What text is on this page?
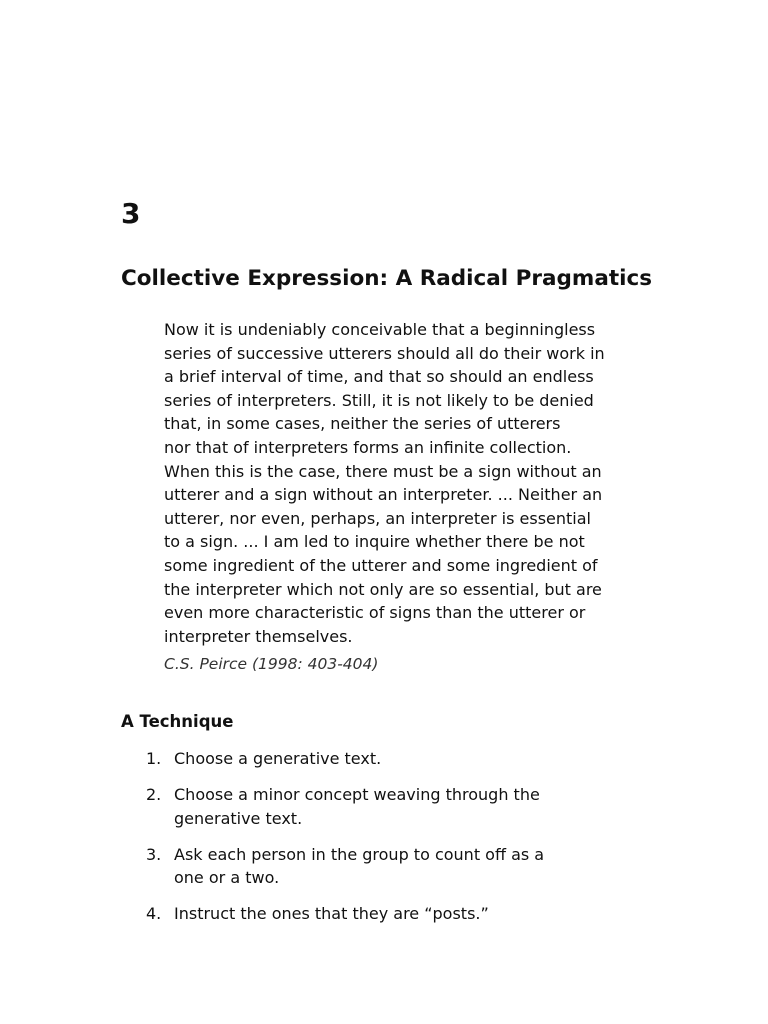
3
Collective Expression: A Radical Pragmatics
Now it is undeniably conceivable that a beginningless
series of successive utterers should all do their work in
a brief interval of time, and that so should an endless
series of interpreters. Still, it is not likely to be denied
that, in some cases, neither the series of utterers
nor that of interpreters forms an infinite collection.
When this is the case, there must be a sign without an
utterer and a sign without an interpreter. ... Neither an
utterer, nor even, perhaps, an interpreter is essential
to a sign. ... I am led to inquire whether there be not
some ingredient of the utterer and some ingredient of
the interpreter which not only are so essential, but are
even more characteristic of signs than the utterer or
interpreter themselves.
C.S. Peirce (1998: 403-404)
A Technique
1. Choose a generative text.
2. Choose a minor concept weaving through the
generative text.
3. Ask each person in the group to count off as a
one or a two.
4. Instruct the ones that they are “posts.”
